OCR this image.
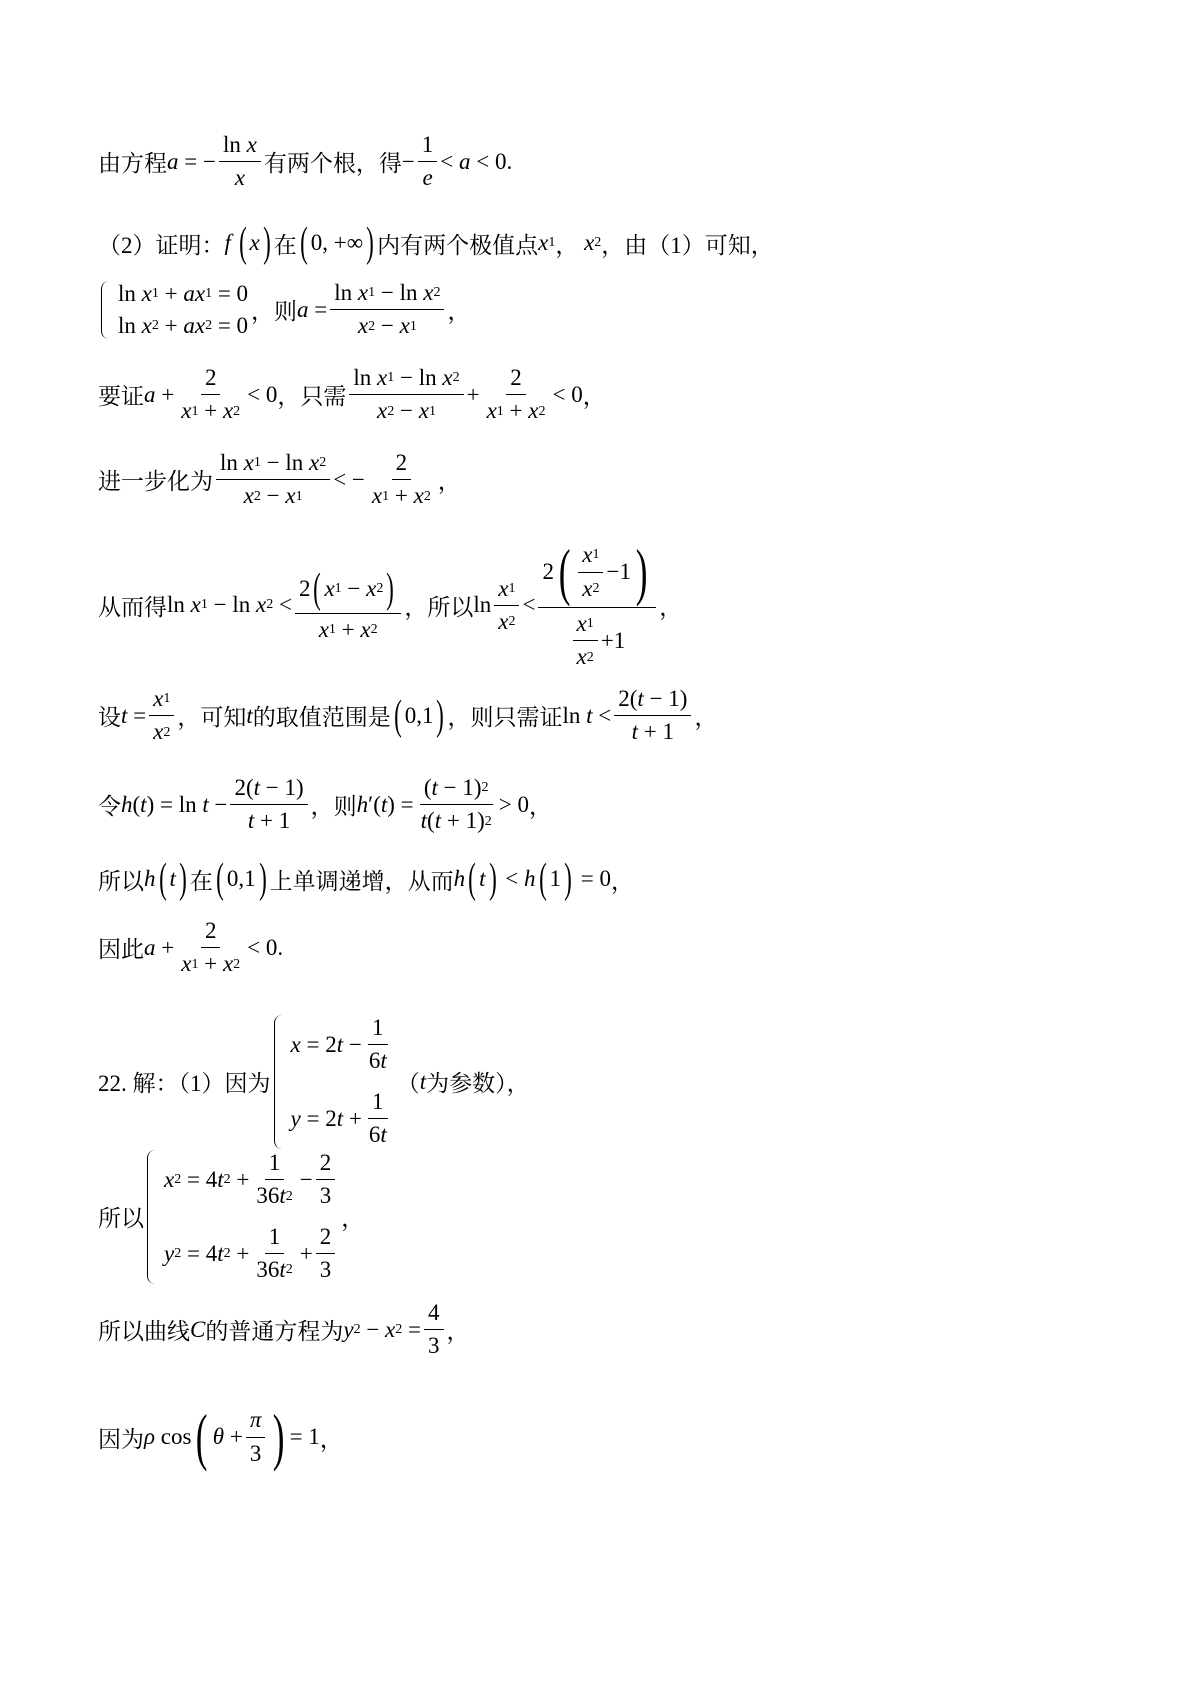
由方程 a = − ln
x
x 有两个根，得 − $\frac{1}{e} < a < 0$.
（2）证明： f
  ( x ) 在 ( 0, +∞ ) 内有两个极值点 x 1 ， x 2 ，由（1）可知，
ln
x 1 + ax 1 = 0
ln
x 2 + ax 2 = 0
，则 $a = \frac{\text{ln x 1 − ln x 2}}{x 2 - x 1}$ ，
要证 $a + \frac{2}{x 1 + x 2} < 0$ ，只需 $\frac{\text{ln x 1 − ln x 2}}{x 2 - x 1} + \frac{2}{x 1 + x 2} < 0$ ，
进一步化为 $\frac{\text{ln x 1 − ln x 2}}{x 2 - x 1}$ < − $\frac{2}{x 1 + x 2}$ ，
从而得 ln x 1 − ln x $2 < \frac{2 ( x 1 - x 2 )}{x 1 + x 2}$ ，所以 $\ln \frac{x 1}{x 2} < \frac{2 ( \frac{x 1}{x 2} -1 )}{\frac{x 1}{x 2} +1}$ ，
设 $t = \frac{x 1}{x 2}$ ，可知 t 的取值范围是 ( 0,1 ) ，则只需证 $\ln t < \frac{2( t - 1)}{t + 1}$ ，
令 h ( t ) = $\ln t - \frac{2( t - 1)}{t + 1}$ ，则 h ′( t ) = $\frac{( t - 1) 2}{t ( t + 1) 2} > 0$ ，
所以 h ( t ) 在 ( 0,1 ) 上单调递增，从而 h ( t ) < h ( 1 ) = 0 ，
因此 $a + \frac{2}{x 1 + x 2} < 0$.
22. 解：（1）因为
x = 2 $t - \frac{1}{6 t}$
y = 2 $t + \frac{1}{6 t}$
（ t 为参数），
所以
x 2 = 4 t $2 + \frac{1}{36 t 2} - \frac{2}{3}$
y 2 = 4 t $2 + \frac{1}{36 t 2} + \frac{2}{3}$
，
所以曲线 C 的普通方程为 y 2 − x $2 = \frac{4}{3}$ ，
因为 ρ cos ( $\theta + \frac{\pi}{3}$ ) = 1 ，
